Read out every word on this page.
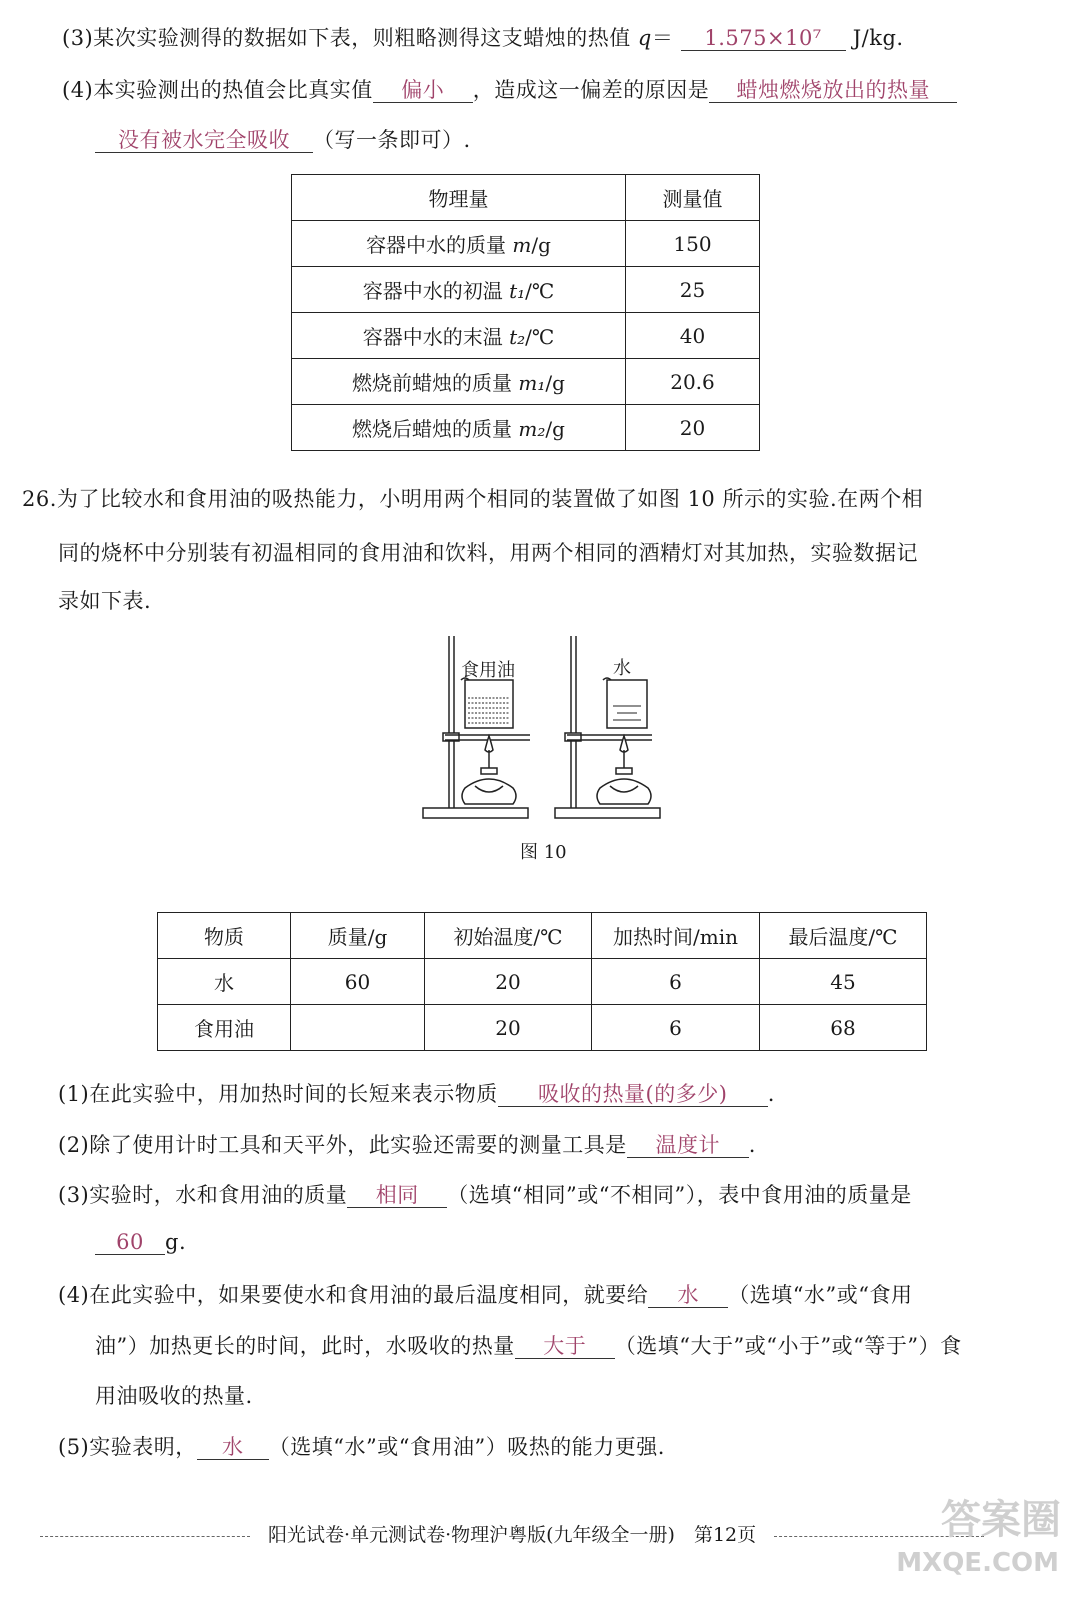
(3)某次实验测得的数据如下表，则粗略测得这支蜡烛的热值 q＝ 1.575×10⁷ J/kg.
(4)本实验测出的热值会比真实值 偏小 ，造成这一偏差的原因是 蜡烛燃烧放出的热量
没有被水完全吸收 （写一条即可）.
物理量	测量值
容器中水的质量 m/g	150
容器中水的初温 t₁/℃	25
容器中水的末温 t₂/℃	40
燃烧前蜡烛的质量 m₁/g	20.6
燃烧后蜡烛的质量 m₂/g	20
26.为了比较水和食用油的吸热能力，小明用两个相同的装置做了如图 10 所示的实验.在两个相
同的烧杯中分别装有初温相同的食用油和饮料，用两个相同的酒精灯对其加热，实验数据记
录如下表.
食用油	水
图 10
物质	质量/g	初始温度/℃	加热时间/min	最后温度/℃
水	60	20	6	45
食用油		20	6	68
(1)在此实验中，用加热时间的长短来表示物质 吸收的热量(的多少) .
(2)除了使用计时工具和天平外，此实验还需要的测量工具是 温度计 .
(3)实验时，水和食用油的质量 相同 （选填“相同”或“不相同”），表中食用油的质量是
60 g.
(4)在此实验中，如果要使水和食用油的最后温度相同，就要给 水 （选填“水”或“食用
油”）加热更长的时间，此时，水吸收的热量 大于 （选填“大于”或“小于”或“等于”）食
用油吸收的热量.
(5)实验表明， 水 （选填“水”或“食用油”）吸热的能力更强.
阳光试卷·单元测试卷·物理沪粤版(九年级全一册)　第12页	答案圈
MXQE.COM
